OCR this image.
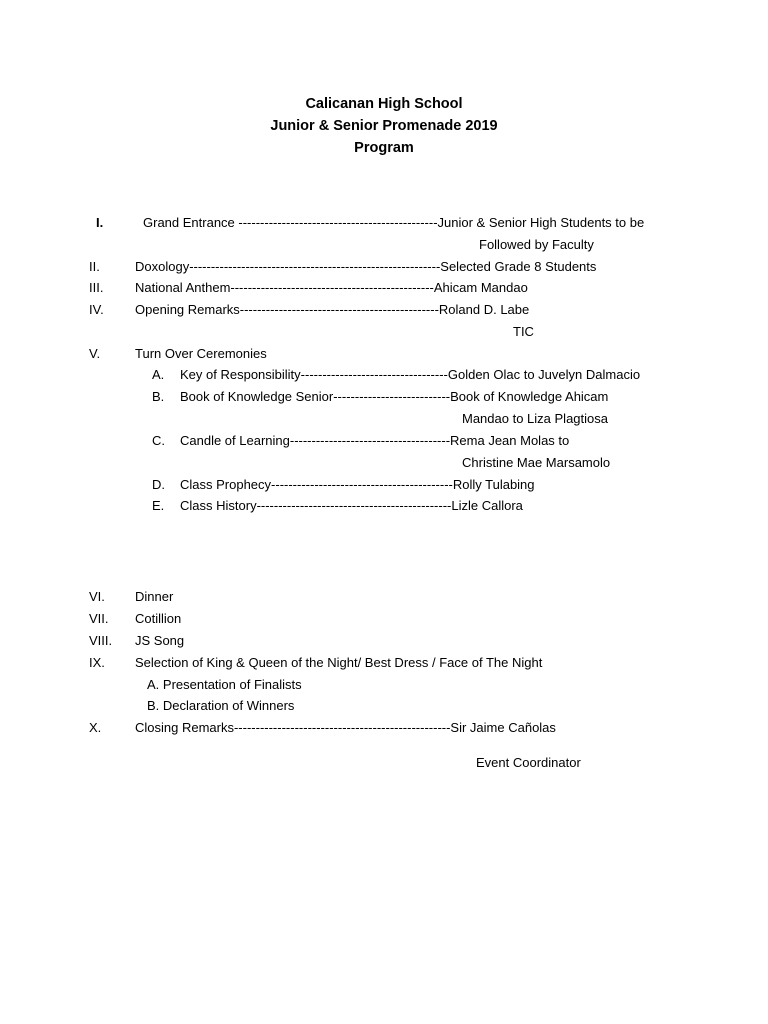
Calicanan High School
Junior & Senior Promenade 2019
Program
I.	Grand Entrance ----------------------------------------------Junior & Senior High Students to be
Followed by Faculty
II.	Doxology----------------------------------------------------------Selected Grade 8 Students
III. National Anthem-----------------------------------------------Ahicam Mandao
IV. Opening Remarks----------------------------------------------Roland D. Labe
TIC
V.	Turn Over Ceremonies
A. Key of Responsibility----------------------------------Golden Olac to Juvelyn Dalmacio
B. Book of Knowledge Senior---------------------------Book of Knowledge Ahicam
Mandao to Liza Plagtiosa
C. Candle of Learning-------------------------------------Rema Jean Molas to
Christine Mae Marsamolo
D. Class Prophecy------------------------------------------Rolly Tulabing
E. Class History---------------------------------------------Lizle Callora
VI. Dinner
VII. Cotillion
VIII. JS Song
IX. Selection of King & Queen of the Night/ Best Dress / Face of The Night
A. Presentation of Finalists
B. Declaration of Winners
X.	Closing Remarks--------------------------------------------------Sir Jaime Cañolas
Event Coordinator
